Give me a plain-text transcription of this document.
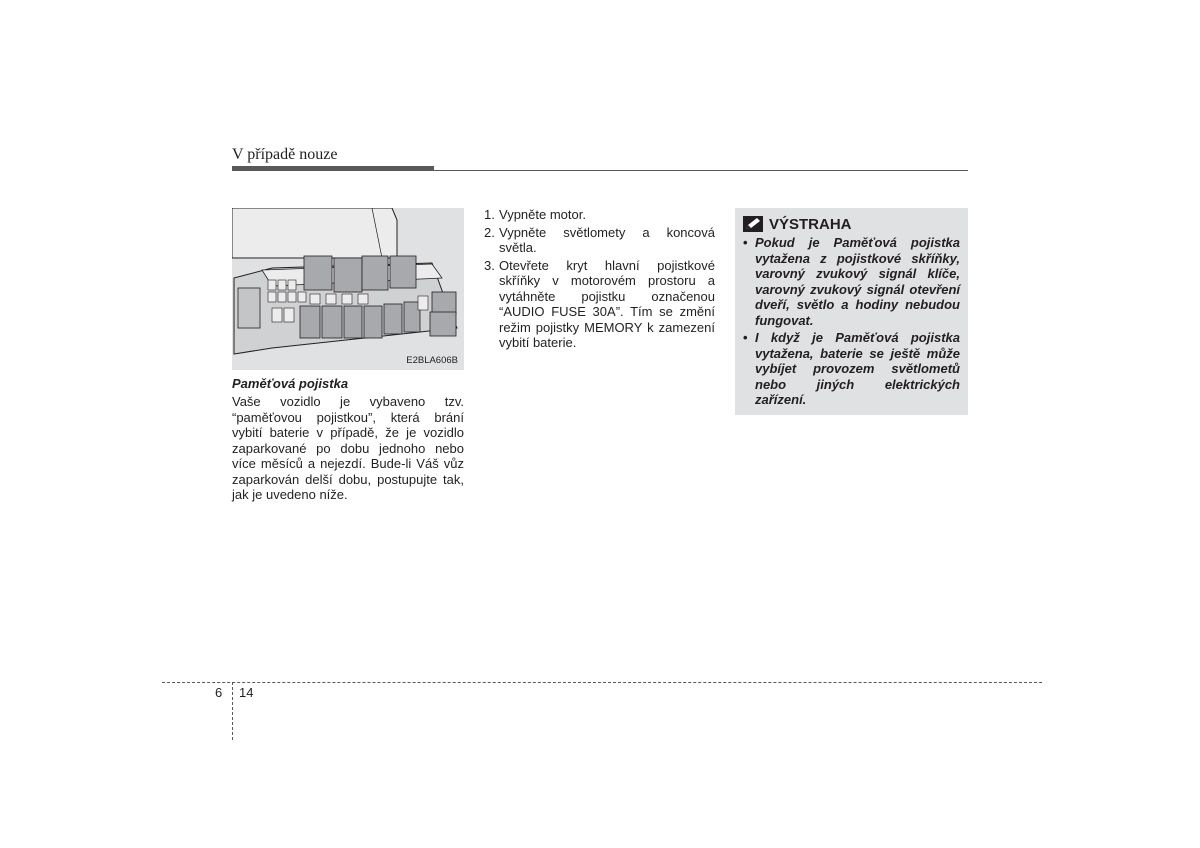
V případě nouze
E2BLA606B
Paměťová pojistka

Vaše vozidlo je vybaveno tzv. “paměťovou pojistkou”, která brání vybití baterie v případě, že je vozidlo zaparkované po dobu jednoho nebo více měsíců a nejezdí. Bude-li Váš vůz zaparkován delší dobu, postupujte tak, jak je uvedeno níže.

1. Vypněte motor.
2. Vypněte světlomety a koncová světla.
3. Otevřete kryt hlavní pojistkové skříňky v motorovém prostoru a vytáhněte pojistku označenou “AUDIO FUSE 30A”. Tím se změní režim pojistky MEMORY k zamezení vybití baterie.
VÝSTRAHA
• Pokud je Paměťová pojistka vytažena z pojistkové skříňky, varovný zvukový signál klíče, varovný zvukový signál otevření dveří, světlo a hodiny nebudou fungovat.
• I když je Paměťová pojistka vytažena, baterie se ještě může vybíjet provozem světlometů nebo jiných elektrických zařízení.
6 14
